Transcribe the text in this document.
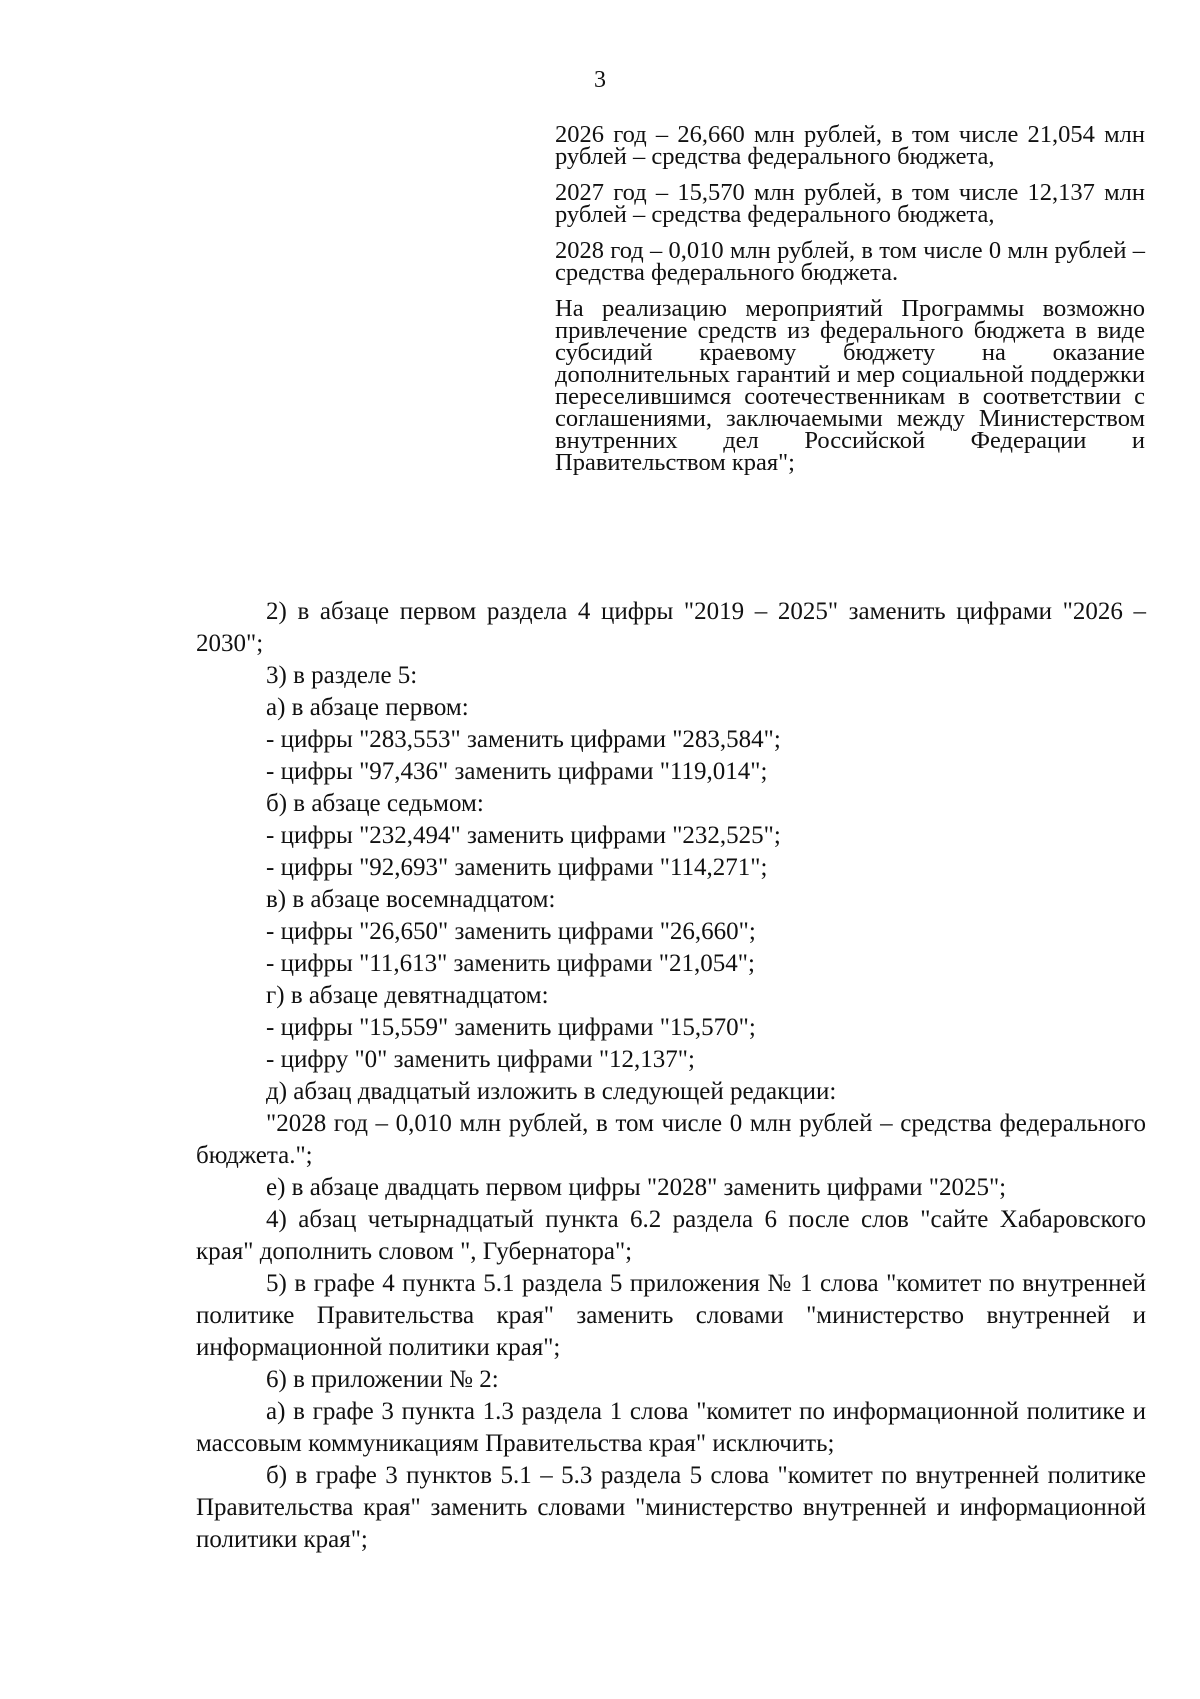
3

2026 год – 26,660 млн рублей, в том числе 21,054 млн рублей – средства федерального бюджета,

2027 год – 15,570 млн рублей, в том числе 12,137 млн рублей – средства федерального бюджета,

2028 год – 0,010 млн рублей, в том числе 0 млн рублей – средства федерального бюджета.

На реализацию мероприятий Программы возможно привлечение средств из федерального бюджета в виде субсидий краевому бюджету на оказание дополнительных гарантий и мер социальной поддержки переселившимся соотечественникам в соответствии с соглашениями, заключаемыми между Министерством внутренних дел Российской Федерации и Правительством края";

2) в абзаце первом раздела 4 цифры "2019 – 2025" заменить цифрами "2026 – 2030";

3) в разделе 5:

а) в абзаце первом:

- цифры "283,553" заменить цифрами "283,584";

- цифры "97,436" заменить цифрами "119,014";

б) в абзаце седьмом:

- цифры "232,494" заменить цифрами "232,525";

- цифры "92,693" заменить цифрами "114,271";

в) в абзаце восемнадцатом:

- цифры "26,650" заменить цифрами "26,660";

- цифры "11,613" заменить цифрами "21,054";

г) в абзаце девятнадцатом:

- цифры "15,559" заменить цифрами "15,570";

- цифру "0" заменить цифрами "12,137";

д) абзац двадцатый изложить в следующей редакции:

"2028 год – 0,010 млн рублей, в том числе 0 млн рублей – средства федерального бюджета.";

е) в абзаце двадцать первом цифры "2028" заменить цифрами "2025";

4) абзац четырнадцатый пункта 6.2 раздела 6 после слов "сайте Хабаровского края" дополнить словом ", Губернатора";

5) в графе 4 пункта 5.1 раздела 5 приложения № 1 слова "комитет по внутренней политике Правительства края" заменить словами "министерство внутренней и информационной политики края";

6) в приложении № 2:

а) в графе 3 пункта 1.3 раздела 1 слова "комитет по информационной политике и массовым коммуникациям Правительства края" исключить;

б) в графе 3 пунктов 5.1 – 5.3 раздела 5 слова "комитет по внутренней политике Правительства края" заменить словами "министерство внутренней и информационной политики края";
